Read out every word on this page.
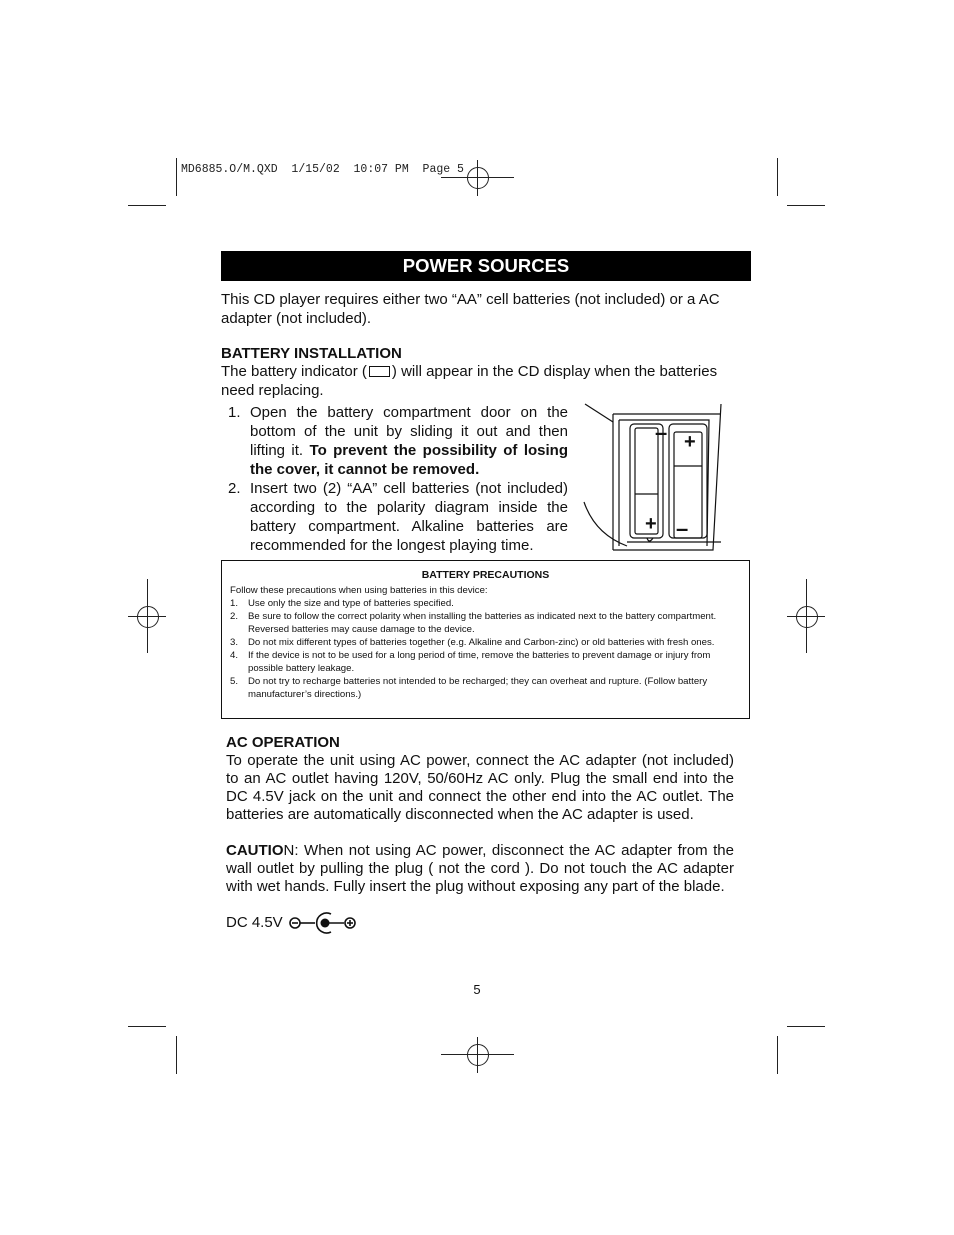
MD6885.O/M.QXD  1/15/02  10:07 PM  Page 5
POWER SOURCES
This CD player requires either two “AA” cell batteries (not included) or a AC adapter (not included).
BATTERY INSTALLATION
The battery indicator ( ) will appear in the CD display when the batteries need replacing.
1. Open the battery compartment door on the bottom of the unit by sliding it out and then lifting it. To prevent the possibility of losing the cover, it cannot be removed.
2. Insert two (2) “AA” cell batteries (not included) according to the polarity diagram inside the battery compartment. Alkaline batteries are recommended for the longest playing time.
– +
+ –
BATTERY PRECAUTIONS
Follow these precautions when using batteries in this device:
1. Use only the size and type of batteries specified.
2. Be sure to follow the correct polarity when installing the batteries as indicated next to the battery compartment. Reversed batteries may cause damage to the device.
3. Do not mix different types of batteries together (e.g. Alkaline and Carbon-zinc) or old batteries with fresh ones.
4. If the device is not to be used for a long period of time, remove the batteries to prevent damage or injury from possible battery leakage.
5. Do not try to recharge batteries not intended to be recharged; they can overheat and rupture. (Follow battery manufacturer’s directions.)
AC OPERATION
To operate the unit using AC power, connect the AC adapter (not included) to an AC outlet having 120V, 50/60Hz AC only. Plug the small end into the DC 4.5V jack on the unit and connect the other end into the AC outlet. The batteries are automatically disconnected when the AC adapter is used.
CAUTION: When not using AC power, disconnect the AC adapter from the wall outlet by pulling the plug ( not the cord ). Do not touch the AC adapter with wet hands. Fully insert the plug without exposing any part of the blade.
DC 4.5V
5
